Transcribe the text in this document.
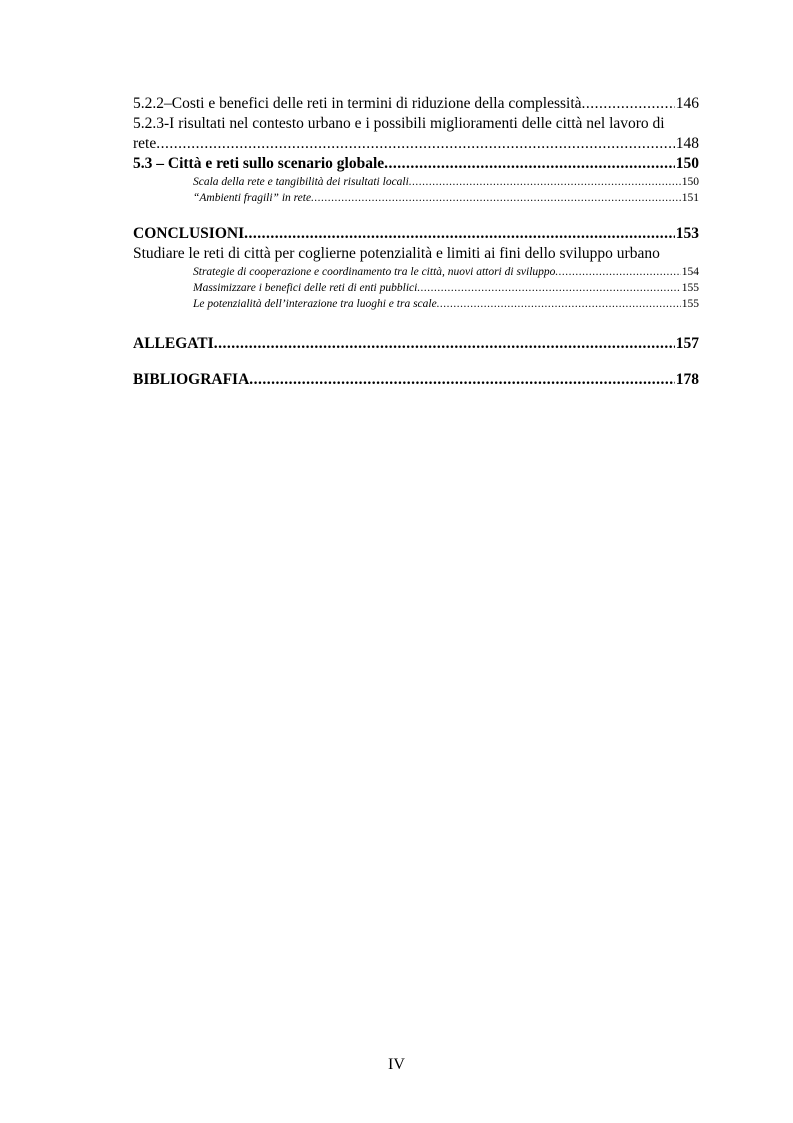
5.2.2–Costi e benefici delle reti in termini di riduzione della complessità .....	146
5.2.3-I risultati nel contesto urbano e i possibili miglioramenti delle città nel lavoro di
rete .....	148
5.3 – Città e reti sullo scenario globale .....	150
Scala della rete e tangibilità dei risultati locali .....	150
“Ambienti fragili” in rete .....	151
CONCLUSIONI .....	153
Studiare le reti di città per coglierne potenzialità e limiti ai fini dello sviluppo urbano
Strategie di cooperazione e coordinamento tra le città, nuovi attori di sviluppo .....	154
Massimizzare i benefici delle reti di enti pubblici .....	155
Le potenzialità dell’interazione tra luoghi e tra scale .....	155
ALLEGATI .....	157
BIBLIOGRAFIA .....	178
IV
